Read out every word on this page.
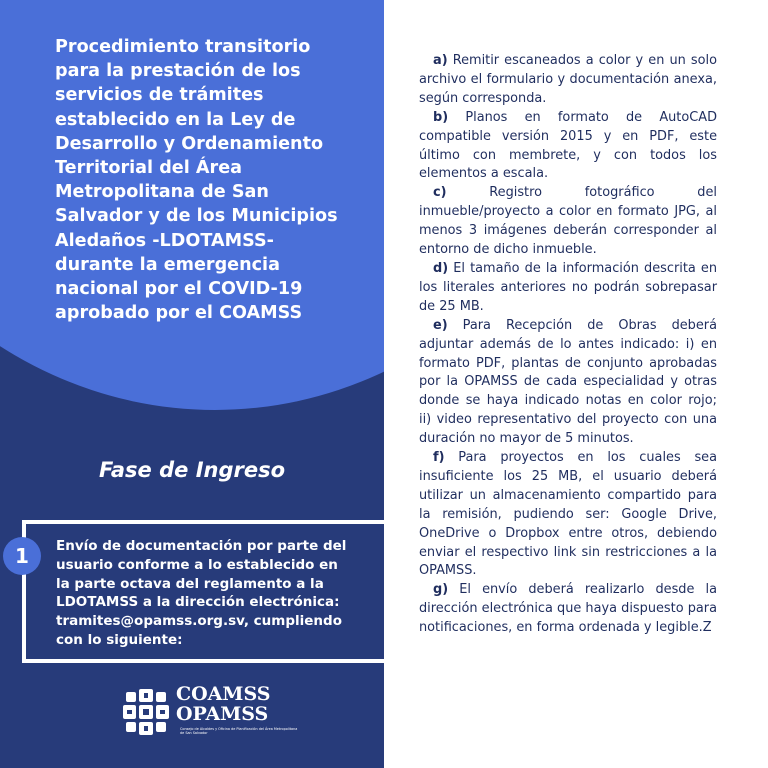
Procedimiento transitorio para la prestación de los servicios de trámites establecido en la Ley de Desarrollo y Ordenamiento Territorial del Área Metropolitana de San Salvador y de los Municipios Aledaños -LDOTAMSS- durante la emergencia nacional por el COVID-19 aprobado por el COAMSS
Fase de Ingreso
1	Envío de documentación por parte del usuario conforme a lo establecido en la parte octava del reglamento a la LDOTAMSS a la dirección electrónica: tramites@opamss.org.sv, cumpliendo con lo siguiente:
COAMSS
OPAMSS
Consejo de Alcaldes y Oficina de Planificación del Área Metropolitana de San Salvador

a) Remitir escaneados a color y en un solo archivo el formulario y documentación anexa, según corresponda.

b) Planos en formato de AutoCAD compatible versión 2015 y en PDF, este último con membrete, y con todos los elementos a escala.

c)	Registro fotográfico del inmueble/proyecto a color en formato JPG, al menos 3 imágenes deberán corresponder al entorno de dicho inmueble.

d) El tamaño de la información descrita en los literales anteriores no podrán sobrepasar de 25 MB.

e) Para Recepción de Obras deberá adjuntar además de lo antes indicado: i) en formato PDF, plantas de conjunto aprobadas por la OPAMSS de cada especialidad y otras donde se haya indicado notas en color rojo; ii) video representativo del proyecto con una duración no mayor de 5 minutos.

f) Para proyectos en los cuales sea insuficiente los 25 MB, el usuario deberá utilizar un almacenamiento compartido para la remisión, pudiendo ser: Google Drive, OneDrive o Dropbox entre otros, debiendo enviar el respectivo link sin restricciones a la OPAMSS.

g) El envío deberá realizarlo desde la dirección electrónica que haya dispuesto para notificaciones, en forma ordenada y legible.Z
